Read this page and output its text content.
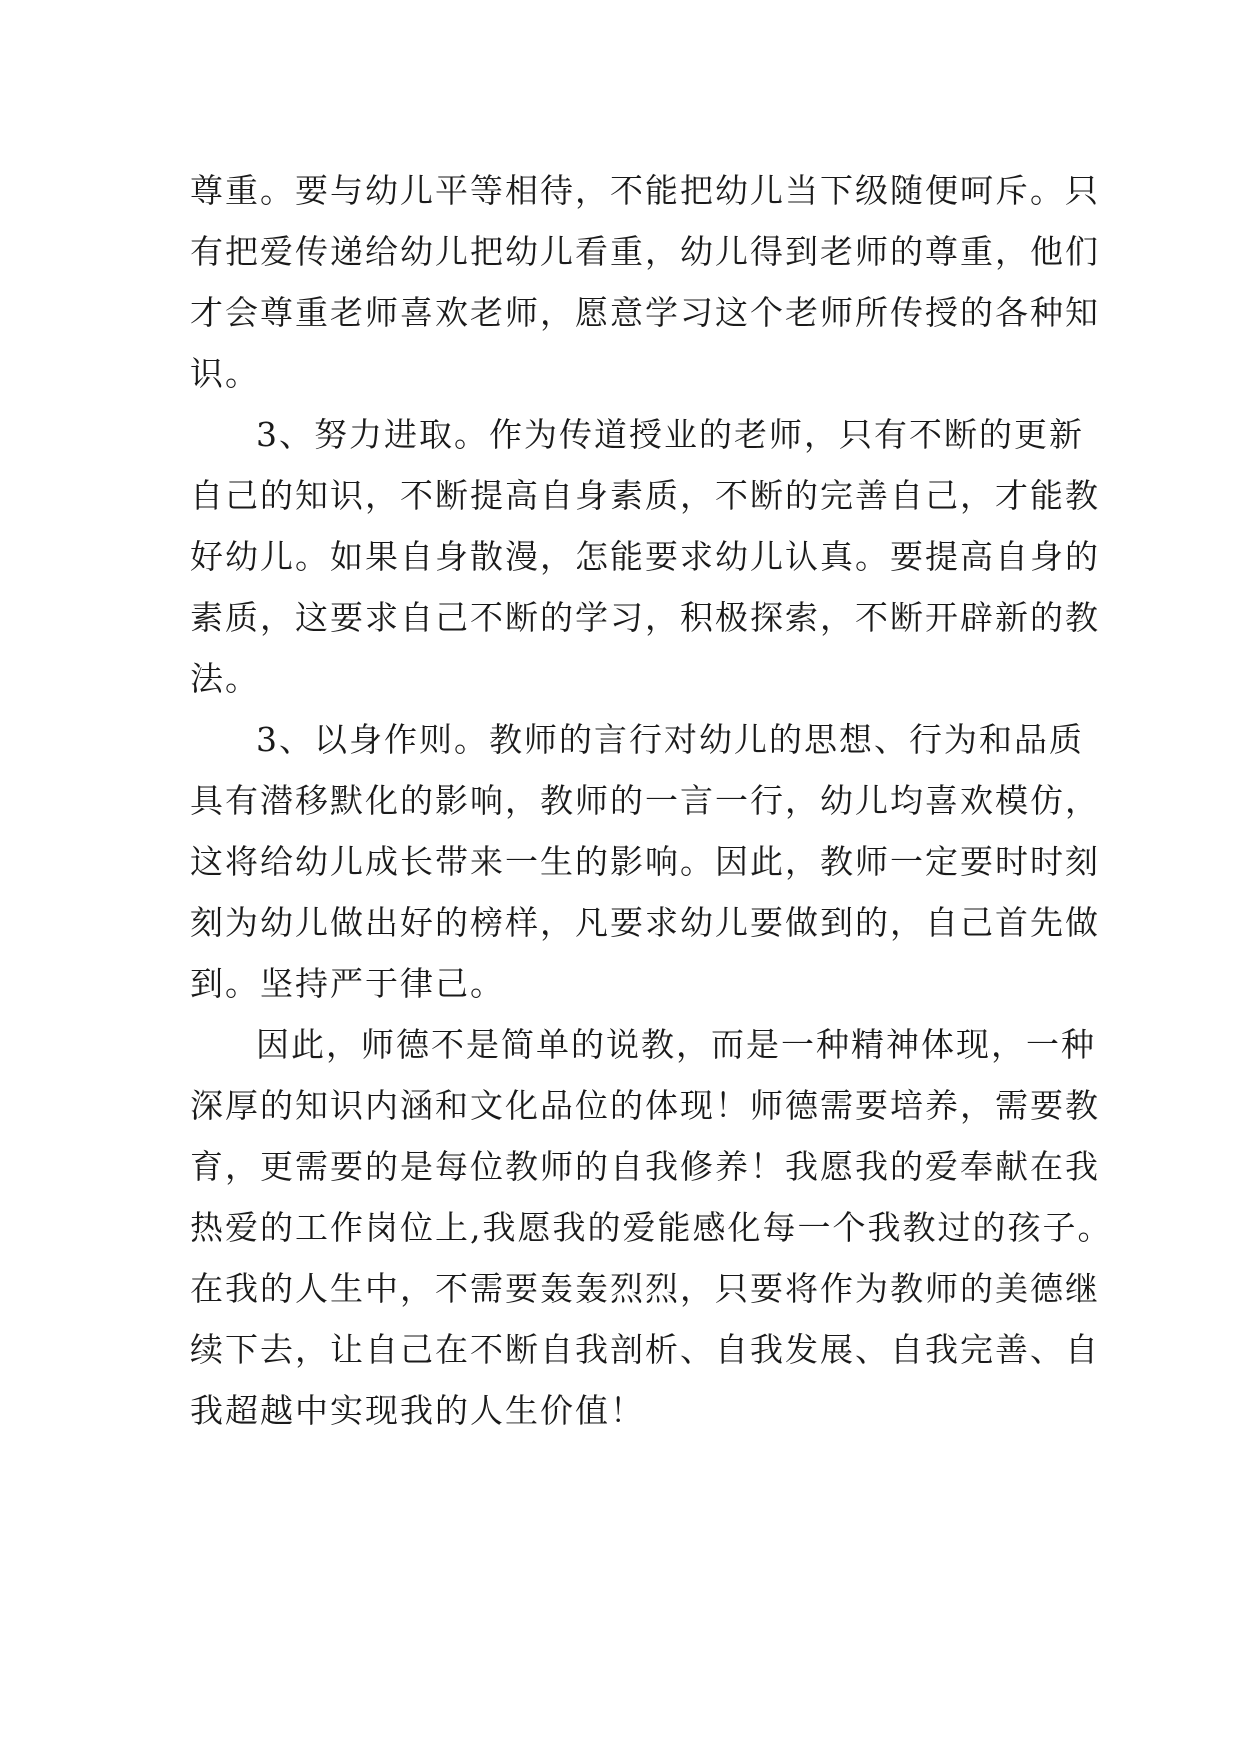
尊重。要与幼儿平等相待，不能把幼儿当下级随便呵斥。只
有把爱传递给幼儿把幼儿看重，幼儿得到老师的尊重，他们
才会尊重老师喜欢老师，愿意学习这个老师所传授的各种知
识。
3、努力进取。作为传道授业的老师，只有不断的更新
自己的知识，不断提高自身素质，不断的完善自己，才能教
好幼儿。如果自身散漫，怎能要求幼儿认真。要提高自身的
素质，这要求自己不断的学习，积极探索，不断开辟新的教
法。
3、以身作则。教师的言行对幼儿的思想、行为和品质
具有潜移默化的影响，教师的一言一行，幼儿均喜欢模仿，
这将给幼儿成长带来一生的影响。因此，教师一定要时时刻
刻为幼儿做出好的榜样，凡要求幼儿要做到的，自己首先做
到。坚持严于律己。
因此，师德不是简单的说教，而是一种精神体现，一种
深厚的知识内涵和文化品位的体现！师德需要培养，需要教
育，更需要的是每位教师的自我修养！我愿我的爱奉献在我
热爱的工作岗位上,我愿我的爱能感化每一个我教过的孩子。
在我的人生中，不需要轰轰烈烈，只要将作为教师的美德继
续下去，让自己在不断自我剖析、自我发展、自我完善、自
我超越中实现我的人生价值！
